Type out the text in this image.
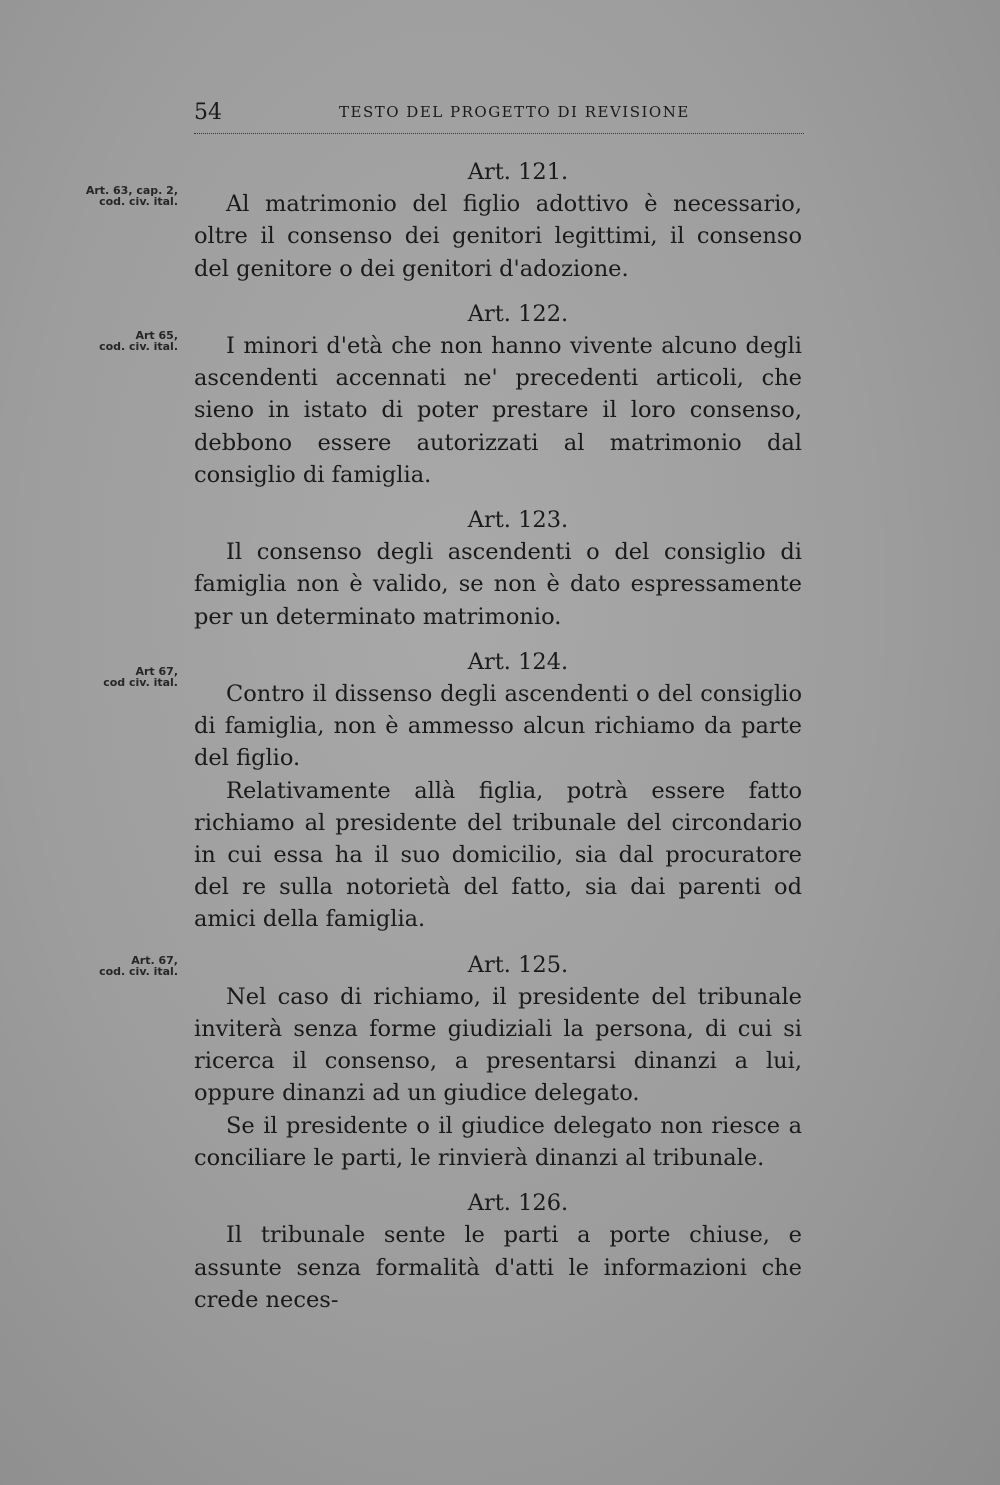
54	TESTO DEL PROGETTO DI REVISIONE
Art. 63, cap. 2,
cod. civ. ital.
Art 65,
cod. civ. ital.
Art 67,
cod civ. ital.
Art. 67,
cod. civ. ital.
Art. 121.

Al matrimonio del figlio adottivo è necessario, oltre il consenso dei genitori legittimi, il consenso del genitore o dei genitori d'adozione.

Art. 122.

I minori d'età che non hanno vivente alcuno degli ascendenti accennati ne' precedenti articoli, che sieno in istato di poter prestare il loro consenso, debbono essere autorizzati al matrimonio dal consiglio di famiglia.

Art. 123.

Il consenso degli ascendenti o del consiglio di famiglia non è valido, se non è dato espressamente per un determinato matrimonio.

Art. 124.

Contro il dissenso degli ascendenti o del consiglio di famiglia, non è ammesso alcun richiamo da parte del figlio.

Relativamente allà figlia, potrà essere fatto richiamo al presidente del tribunale del circondario in cui essa ha il suo domicilio, sia dal procuratore del re sulla notorietà del fatto, sia dai parenti od amici della famiglia.

Art. 125.

Nel caso di richiamo, il presidente del tribunale inviterà senza forme giudiziali la persona, di cui si ricerca il consenso, a presentarsi dinanzi a lui, oppure dinanzi ad un giudice delegato.

Se il presidente o il giudice delegato non riesce a conciliare le parti, le rinvierà dinanzi al tribunale.

Art. 126.

Il tribunale sente le parti a porte chiuse, e assunte senza formalità d'atti le informazioni che crede neces-
